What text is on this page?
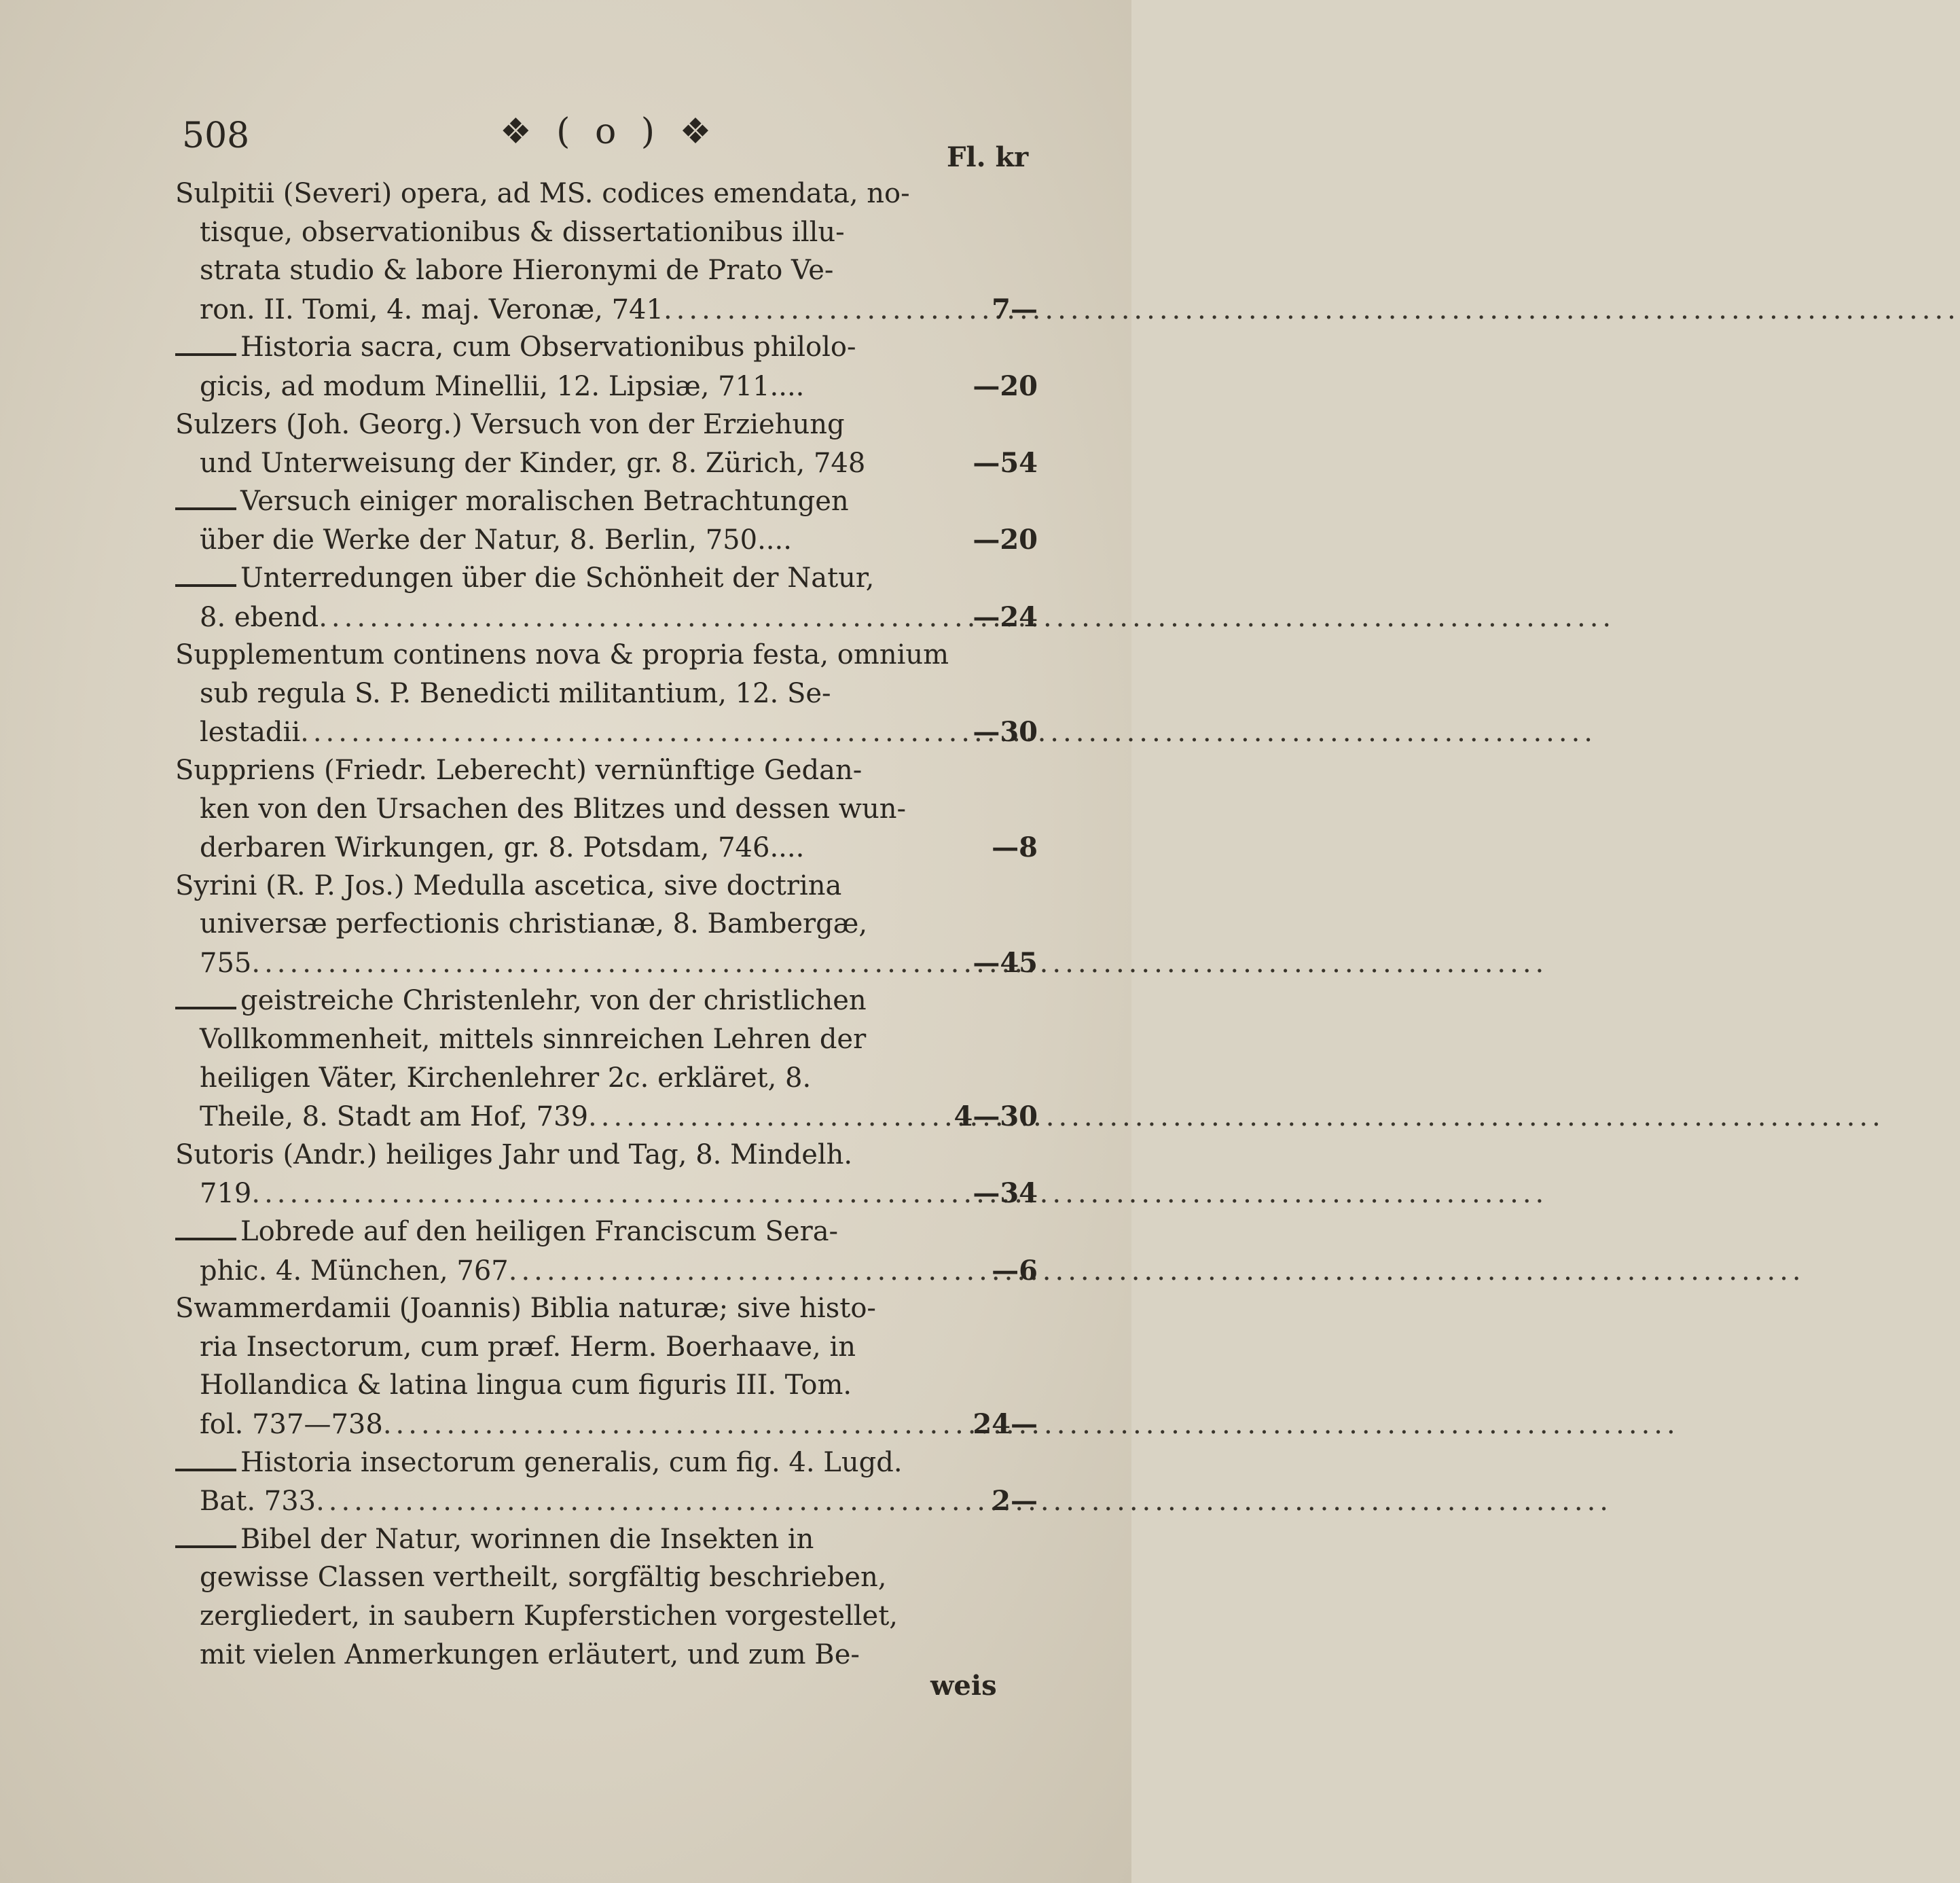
508	❖ ( o ) ❖
Fl. kr
Sulpitii (Severi) opera, ad MS. codices emendata, no-
tisque, observationibus & dissertationibus illu-
strata studio & labore Hieronymi de Prato Ve-
ron. II. Tomi, 4. maj. Veronæ, 741 .....	7—
Historia sacra, cum Observationibus philolo-
gicis, ad modum Minellii, 12. Lipsiæ, 711....	—20
Sulzers (Joh. Georg.) Versuch von der Erziehung
und Unterweisung der Kinder, gr. 8. Zürich, 748	—54
Versuch einiger moralischen Betrachtungen
über die Werke der Natur, 8. Berlin, 750....	—20
Unterredungen über die Schönheit der Natur,
8. ebend .....	—24
Supplementum continens nova & propria festa, omnium
sub regula S. P. Benedicti militantium, 12. Se-
lestadii .....	—30
Suppriens (Friedr. Leberecht) vernünftige Gedan-
ken von den Ursachen des Blitzes und dessen wun-
derbaren Wirkungen, gr. 8. Potsdam, 746....	—8
Syrini (R. P. Jos.) Medulla ascetica, sive doctrina
universæ perfectionis christianæ, 8. Bambergæ,
755 .....	—45
geistreiche Christenlehr, von der christlichen
Vollkommenheit, mittels sinnreichen Lehren der
heiligen Väter, Kirchenlehrer 2c. erkläret, 8.
Theile, 8. Stadt am Hof, 739 .....	4—30
Sutoris (Andr.) heiliges Jahr und Tag, 8. Mindelh.
719 .....	—34
Lobrede auf den heiligen Franciscum Sera-
phic. 4. München, 767 .....	—6
Swammerdamii (Joannis) Biblia naturæ; sive histo-
ria Insectorum, cum præf. Herm. Boerhaave, in
Hollandica & latina lingua cum figuris III. Tom.
fol. 737—738 .....	24—
Historia insectorum generalis, cum fig. 4. Lugd.
Bat. 733 .....	2—
Bibel der Natur, worinnen die Insekten in
gewisse Classen vertheilt, sorgfältig beschrieben,
zergliedert, in saubern Kupferstichen vorgestellet,
mit vielen Anmerkungen erläutert, und zum Be-
weis
